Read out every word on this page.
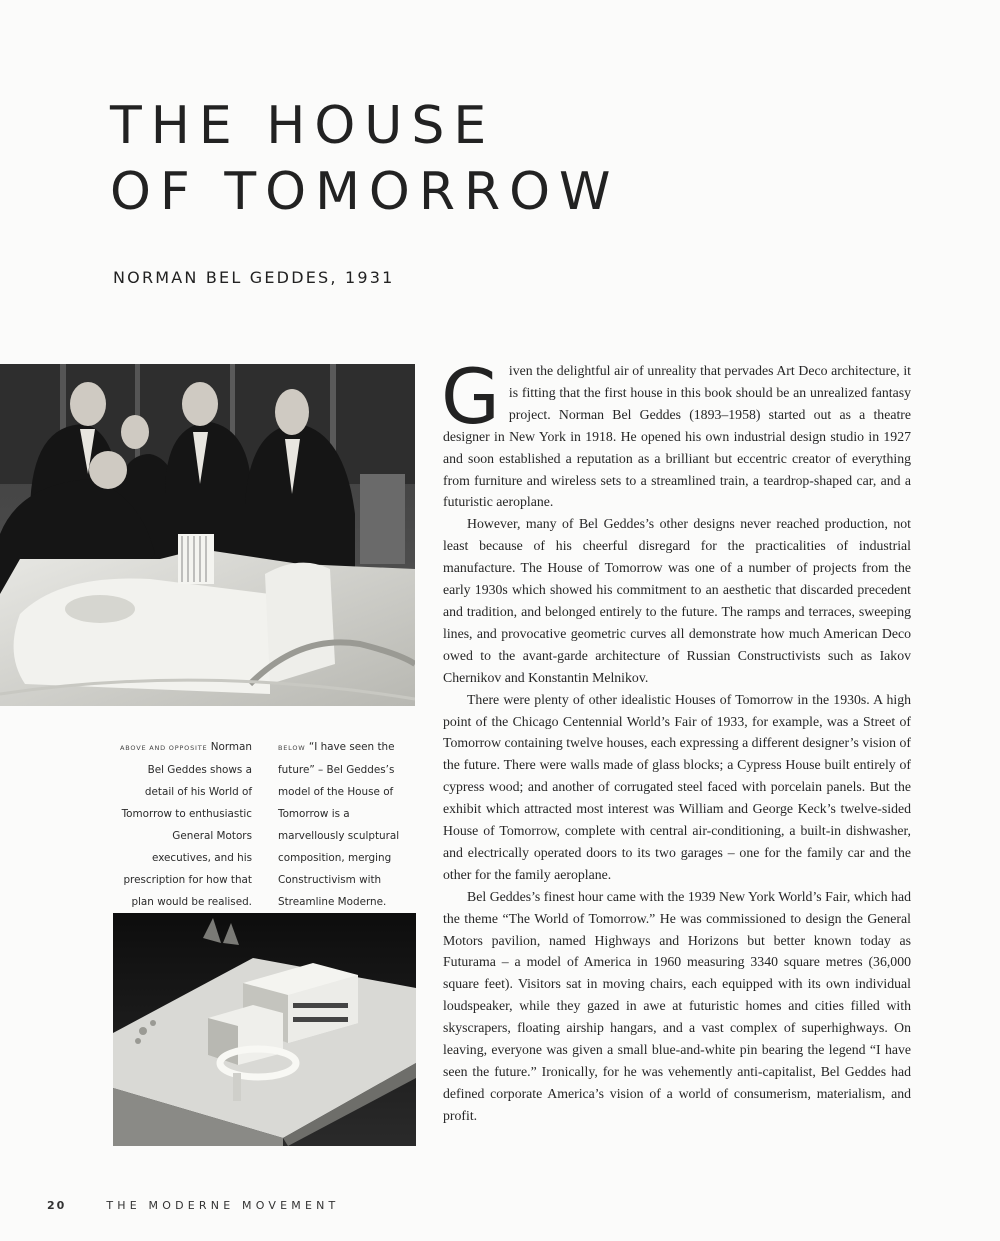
THE HOUSE
OF TOMORROW
NORMAN BEL GEDDES, 1931
ABOVE AND OPPOSITE Norman Bel Geddes shows a detail of his World of Tomorrow to enthusiastic General Motors executives, and his prescription for how that plan would be realised.
BELOW “I have seen the future” – Bel Geddes’s model of the House of Tomorrow is a marvellously sculptural composition, merging Constructivism with Streamline Moderne.

Given the delightful air of unreality that pervades Art Deco architecture, it is fitting that the first house in this book should be an unrealized fantasy project. Norman Bel Geddes (1893–1958) started out as a theatre designer in New York in 1918. He opened his own industrial design studio in 1927 and soon established a reputation as a brilliant but eccentric creator of everything from furniture and wireless sets to a streamlined train, a teardrop-shaped car, and a futuristic aeroplane.

However, many of Bel Geddes’s other designs never reached production, not least because of his cheerful disregard for the practicalities of industrial manufacture. The House of Tomorrow was one of a number of projects from the early 1930s which showed his commitment to an aesthetic that discarded precedent and tradition, and belonged entirely to the future. The ramps and terraces, sweeping lines, and provocative geometric curves all demonstrate how much American Deco owed to the avant-garde architecture of Russian Constructivists such as Iakov Chernikov and Konstantin Melnikov.

There were plenty of other idealistic Houses of Tomorrow in the 1930s. A high point of the Chicago Centennial World’s Fair of 1933, for example, was a Street of Tomorrow containing twelve houses, each expressing a different designer’s vision of the future. There were walls made of glass blocks; a Cypress House built entirely of cypress wood; and another of corrugated steel faced with porcelain panels. But the exhibit which attracted most interest was William and George Keck’s twelve-sided House of Tomorrow, complete with central air-conditioning, a built-in dishwasher, and electrically operated doors to its two garages – one for the family car and the other for the family aeroplane.

Bel Geddes’s finest hour came with the 1939 New York World’s Fair, which had the theme “The World of Tomorrow.” He was commissioned to design the General Motors pavilion, named Highways and Horizons but better known today as Futurama – a model of America in 1960 measuring 3340 square metres (36,000 square feet). Visitors sat in moving chairs, each equipped with its own individual loudspeaker, while they gazed in awe at futuristic homes and cities filled with skyscrapers, floating airship hangars, and a vast complex of superhighways. On leaving, everyone was given a small blue-and-white pin bearing the legend “I have seen the future.” Ironically, for he was vehemently anti-capitalist, Bel Geddes had defined corporate America’s vision of a world of consumerism, materialism, and profit.

20	THE MODERNE MOVEMENT
